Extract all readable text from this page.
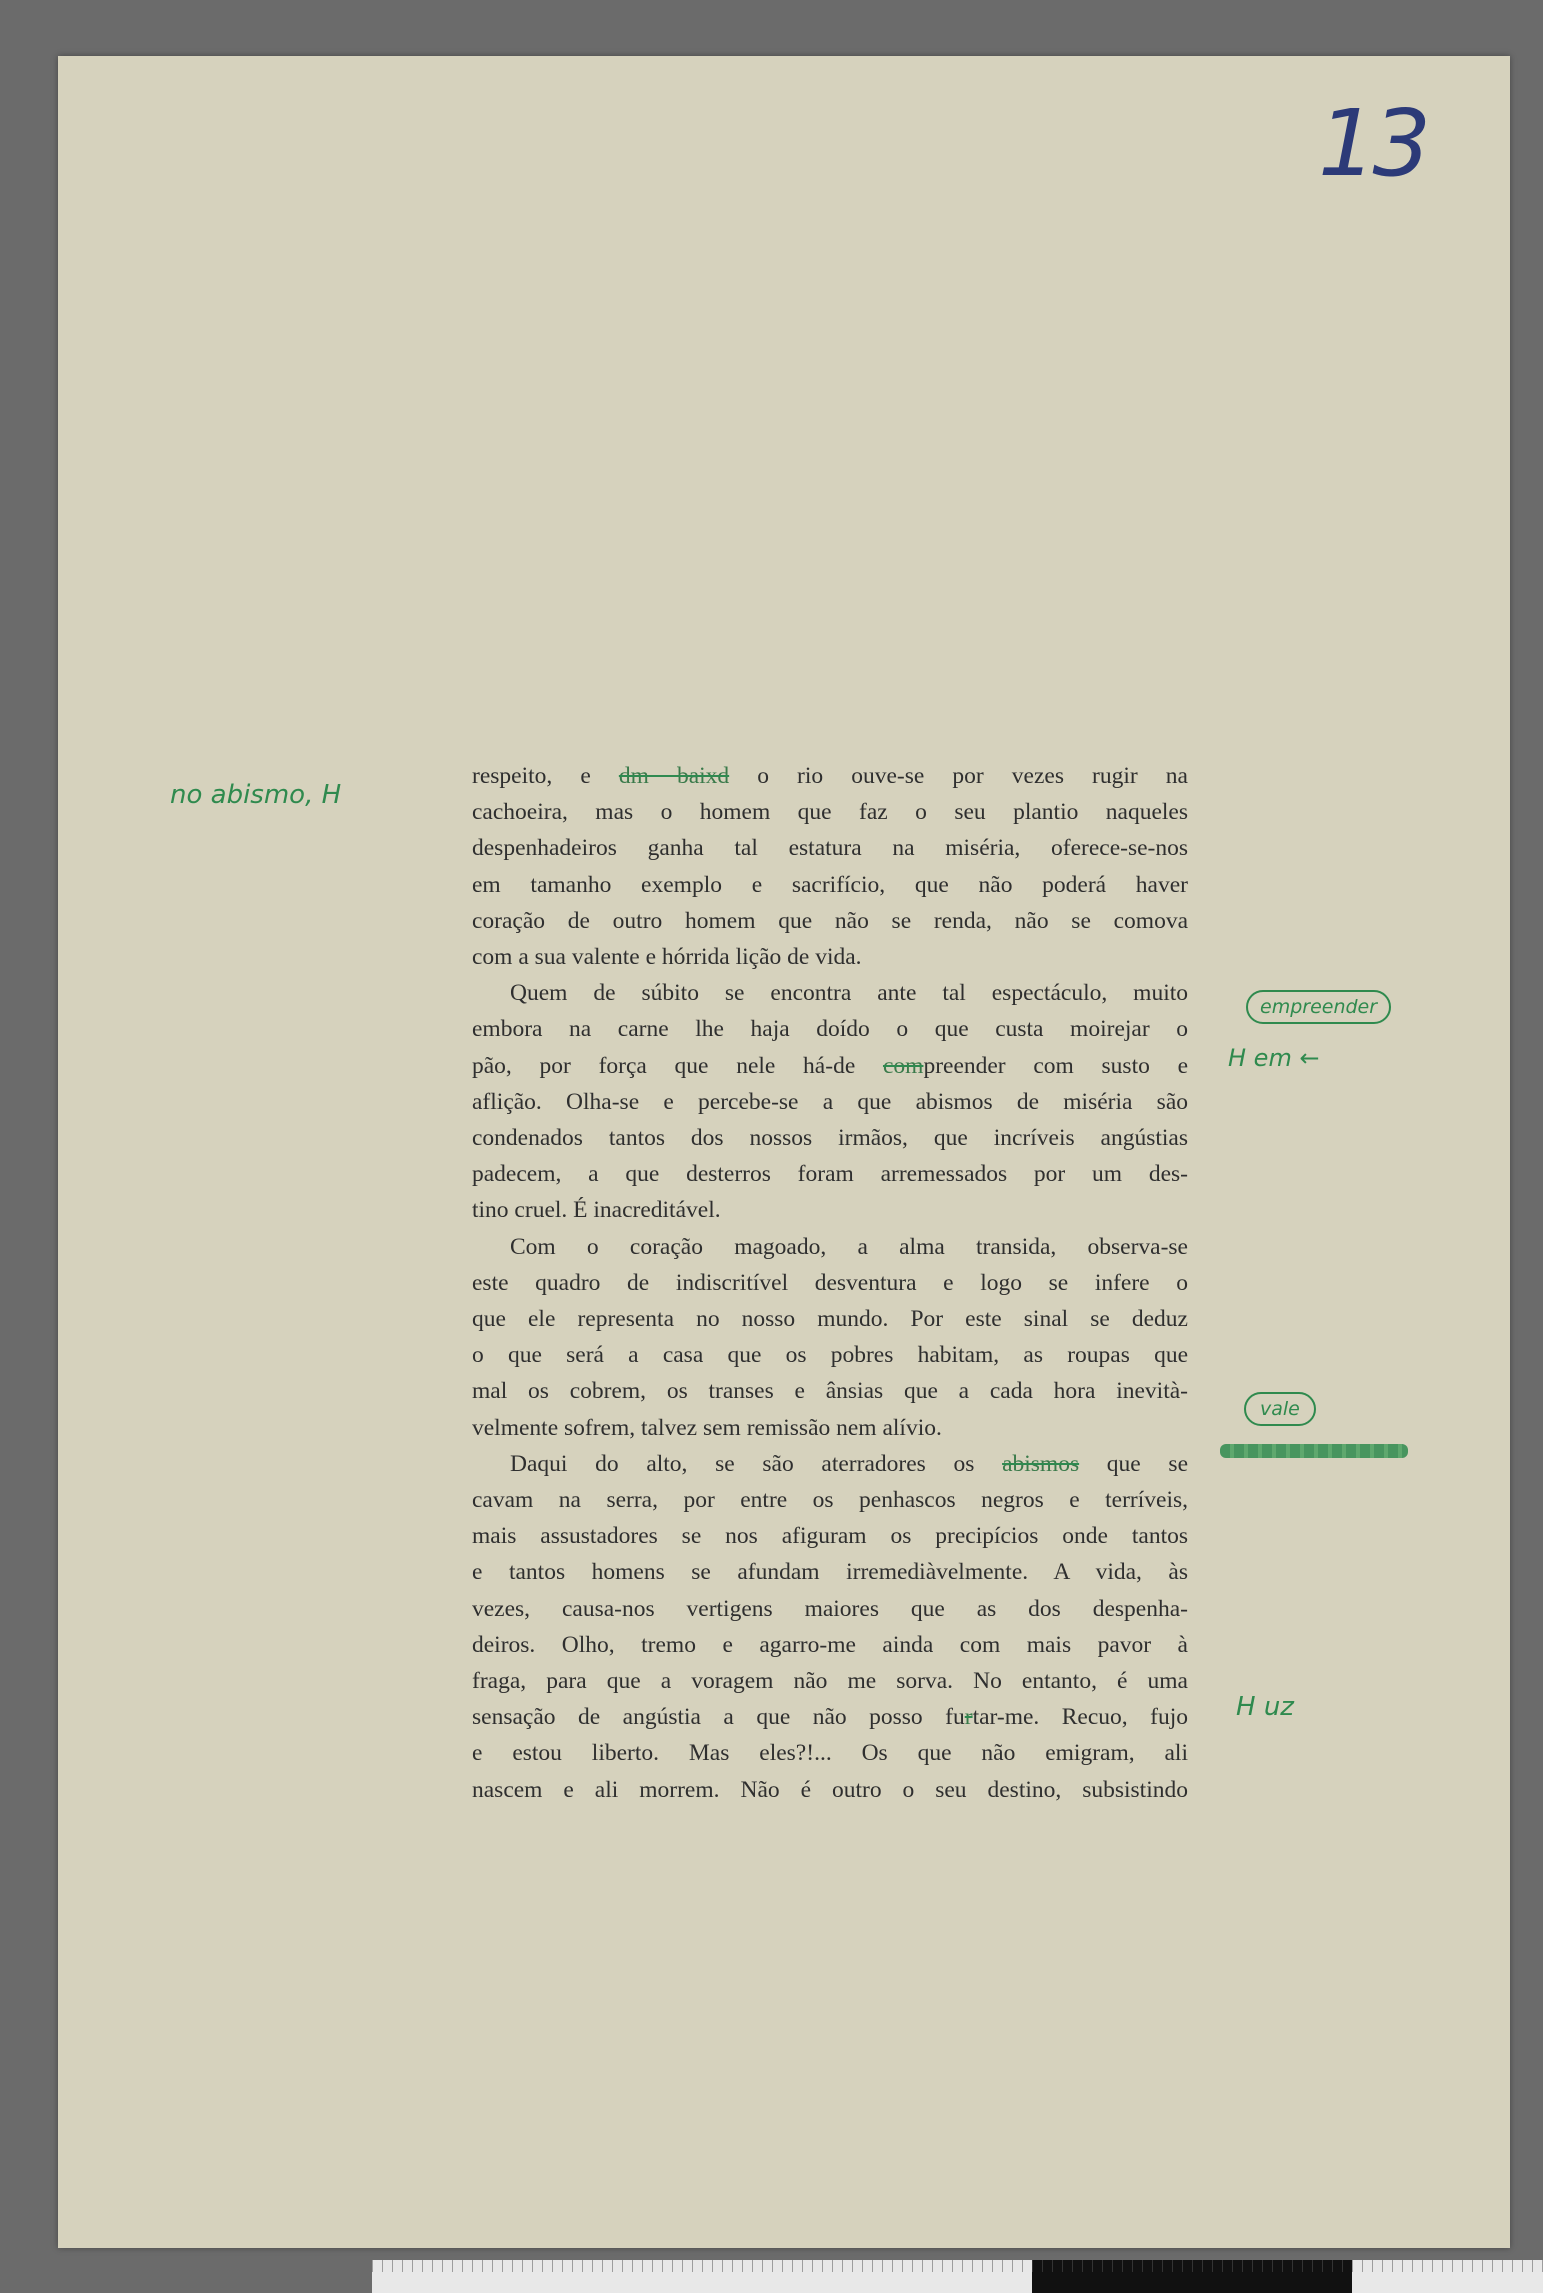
13

respeito, e dm baixd o rio ouve-se por vezes rugir na

cachoeira, mas o homem que faz o seu plantio naqueles

despenhadeiros ganha tal estatura na miséria, oferece-se-nos

em tamanho exemplo e sacrifício, que não poderá haver

coração de outro homem que não se renda, não se comova

com a sua valente e hórrida lição de vida.

Quem de súbito se encontra ante tal espectáculo, muito

embora na carne lhe haja doído o que custa moirejar o

pão, por força que nele há-de compreender com susto e

aflição. Olha-se e percebe-se a que abismos de miséria são

condenados tantos dos nossos irmãos, que incríveis angústias

padecem, a que desterros foram arremessados por um des-

tino cruel. É inacreditável.

Com o coração magoado, a alma transida, observa-se

este quadro de indiscritível desventura e logo se infere o

que ele representa no nosso mundo. Por este sinal se deduz

o que será a casa que os pobres habitam, as roupas que

mal os cobrem, os transes e ânsias que a cada hora inevità-

velmente sofrem, talvez sem remissão nem alívio.

Daqui do alto, se são aterradores os abismos que se

cavam na serra, por entre os penhascos negros e terríveis,

mais assustadores se nos afiguram os precipícios onde tantos

e tantos homens se afundam irremediàvelmente. A vida, às

vezes, causa-nos vertigens maiores que as dos despenha-

deiros. Olho, tremo e agarro-me ainda com mais pavor à

fraga, para que a voragem não me sorva. No entanto, é uma

sensação de angústia a que não posso furtar-me. Recuo, fujo

e estou liberto. Mas eles?!... Os que não emigram, ali

nascem e ali morrem. Não é outro o seu destino, subsistindo

no abismo, H
empreender
H em ←
vale
H uz
